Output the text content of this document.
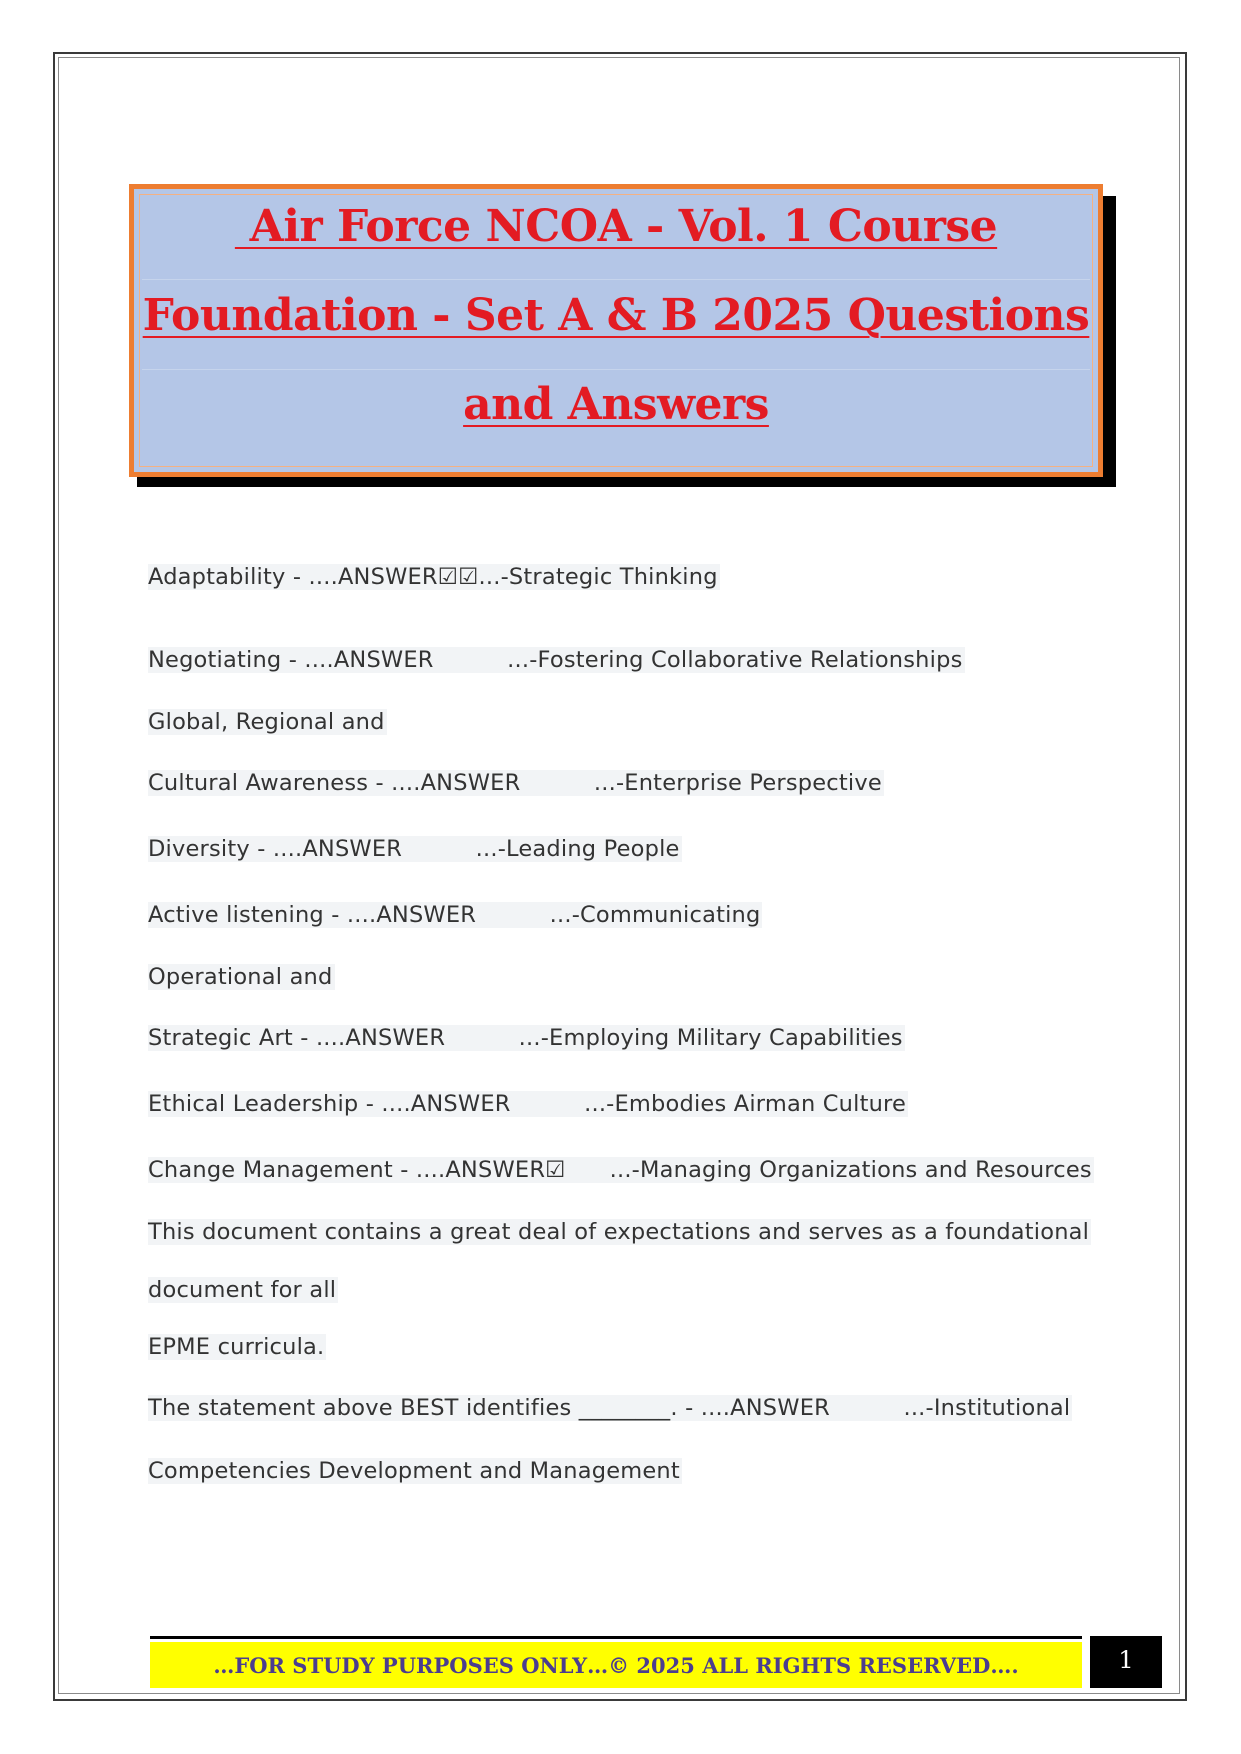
Air Force NCOA - Vol. 1 Course
Foundation - Set A & B 2025 Questions
and Answers
Adaptability - ....ANSWER☑☑...-Strategic Thinking
Negotiating - ....ANSWER          ...-Fostering Collaborative Relationships
Global, Regional and
Cultural Awareness - ....ANSWER          ...-Enterprise Perspective
Diversity - ....ANSWER          ...-Leading People
Active listening - ....ANSWER          ...-Communicating
Operational and
Strategic Art - ....ANSWER          ...-Employing Military Capabilities
Ethical Leadership - ....ANSWER          ...-Embodies Airman Culture
Change Management - ....ANSWER☑      ...-Managing Organizations and Resources
This document contains a great deal of expectations and serves as a foundational
document for all
EPME curricula.
The statement above BEST identifies ________. - ....ANSWER          ...-Institutional
Competencies Development and Management
…FOR STUDY PURPOSES ONLY…© 2025 ALL RIGHTS RESERVED….	1
